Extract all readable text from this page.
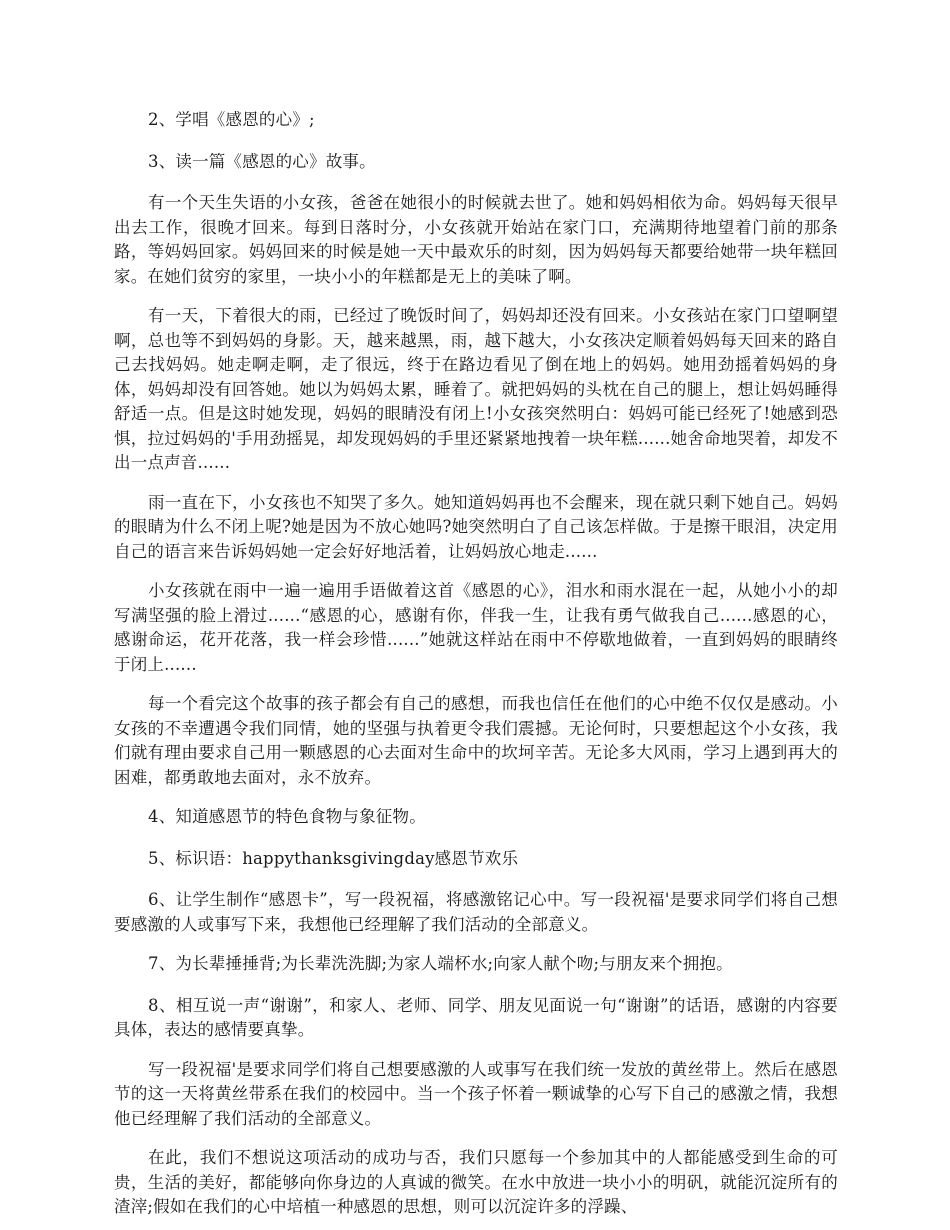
2、学唱《感恩的心》;

3、读一篇《感恩的心》故事。

有一个天生失语的小女孩，爸爸在她很小的时候就去世了。她和妈妈相依为命。妈妈每天很早出去工作，很晚才回来。每到日落时分，小女孩就开始站在家门口，充满期待地望着门前的那条路，等妈妈回家。妈妈回来的时候是她一天中最欢乐的时刻，因为妈妈每天都要给她带一块年糕回家。在她们贫穷的家里，一块小小的年糕都是无上的美味了啊。

有一天，下着很大的雨，已经过了晚饭时间了，妈妈却还没有回来。小女孩站在家门口望啊望啊，总也等不到妈妈的身影。天，越来越黑，雨，越下越大，小女孩决定顺着妈妈每天回来的路自己去找妈妈。她走啊走啊，走了很远，终于在路边看见了倒在地上的妈妈。她用劲摇着妈妈的身体，妈妈却没有回答她。她以为妈妈太累，睡着了。就把妈妈的头枕在自己的腿上，想让妈妈睡得舒适一点。但是这时她发现，妈妈的眼睛没有闭上!小女孩突然明白：妈妈可能已经死了!她感到恐惧，拉过妈妈的'手用劲摇晃，却发现妈妈的手里还紧紧地拽着一块年糕......她舍命地哭着，却发不出一点声音......

雨一直在下，小女孩也不知哭了多久。她知道妈妈再也不会醒来，现在就只剩下她自己。妈妈的眼睛为什么不闭上呢?她是因为不放心她吗?她突然明白了自己该怎样做。于是擦干眼泪，决定用自己的语言来告诉妈妈她一定会好好地活着，让妈妈放心地走......

小女孩就在雨中一遍一遍用手语做着这首《感恩的心》，泪水和雨水混在一起，从她小小的却写满坚强的脸上滑过......“感恩的心，感谢有你，伴我一生，让我有勇气做我自己......感恩的心，感谢命运，花开花落，我一样会珍惜......”她就这样站在雨中不停歇地做着，一直到妈妈的眼睛终于闭上......

每一个看完这个故事的孩子都会有自己的感想，而我也信任在他们的心中绝不仅仅是感动。小女孩的不幸遭遇令我们同情，她的坚强与执着更令我们震撼。无论何时，只要想起这个小女孩，我们就有理由要求自己用一颗感恩的心去面对生命中的坎坷辛苦。无论多大风雨，学习上遇到再大的困难，都勇敢地去面对，永不放弃。

4、知道感恩节的特色食物与象征物。

5、标识语：happythanksgivingday感恩节欢乐

6、让学生制作“感恩卡”，写一段祝福，将感激铭记心中。写一段祝福'是要求同学们将自己想要感激的人或事写下来，我想他已经理解了我们活动的全部意义。

7、为长辈捶捶背;为长辈洗洗脚;为家人端杯水;向家人献个吻;与朋友来个拥抱。

8、相互说一声“谢谢”，和家人、老师、同学、朋友见面说一句“谢谢”的话语，感谢的内容要具体，表达的感情要真挚。

写一段祝福'是要求同学们将自己想要感激的人或事写在我们统一发放的黄丝带上。然后在感恩节的这一天将黄丝带系在我们的校园中。当一个孩子怀着一颗诚挚的心写下自己的感激之情，我想他已经理解了我们活动的全部意义。

在此，我们不想说这项活动的成功与否，我们只愿每一个参加其中的人都能感受到生命的可贵，生活的美好，都能够向你身边的人真诚的微笑。在水中放进一块小小的明矾，就能沉淀所有的渣滓;假如在我们的心中培植一种感恩的思想，则可以沉淀许多的浮躁、
